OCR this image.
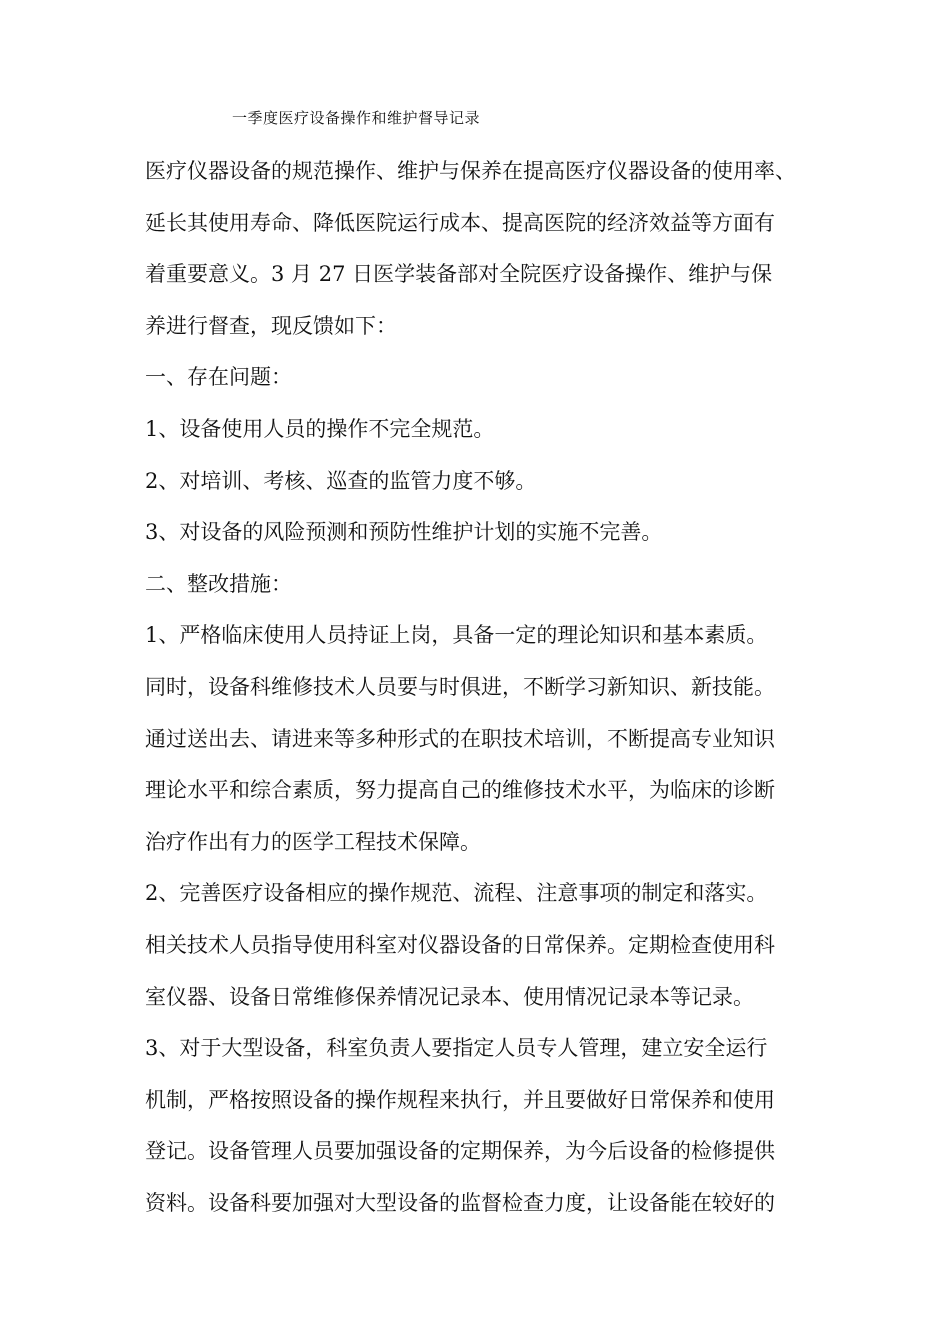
一季度医疗设备操作和维护督导记录
医疗仪器设备的规范操作、维护与保养在提高医疗仪器设备的使用率、
延长其使用寿命、降低医院运行成本、提高医院的经济效益等方面有
着重要意义。3 月 27 日医学装备部对全院医疗设备操作、维护与保
养进行督查，现反馈如下：
一、存在问题：
1、设备使用人员的操作不完全规范。
2、对培训、考核、巡查的监管力度不够。
3、对设备的风险预测和预防性维护计划的实施不完善。
二、整改措施：
1、严格临床使用人员持证上岗，具备一定的理论知识和基本素质。
同时，设备科维修技术人员要与时俱进，不断学习新知识、新技能。
通过送出去、请进来等多种形式的在职技术培训，不断提高专业知识
理论水平和综合素质，努力提高自己的维修技术水平，为临床的诊断
治疗作出有力的医学工程技术保障。
2、完善医疗设备相应的操作规范、流程、注意事项的制定和落实。
相关技术人员指导使用科室对仪器设备的日常保养。定期检查使用科
室仪器、设备日常维修保养情况记录本、使用情况记录本等记录。
3、对于大型设备，科室负责人要指定人员专人管理，建立安全运行
机制，严格按照设备的操作规程来执行，并且要做好日常保养和使用
登记。设备管理人员要加强设备的定期保养，为今后设备的检修提供
资料。设备科要加强对大型设备的监督检查力度，让设备能在较好的
